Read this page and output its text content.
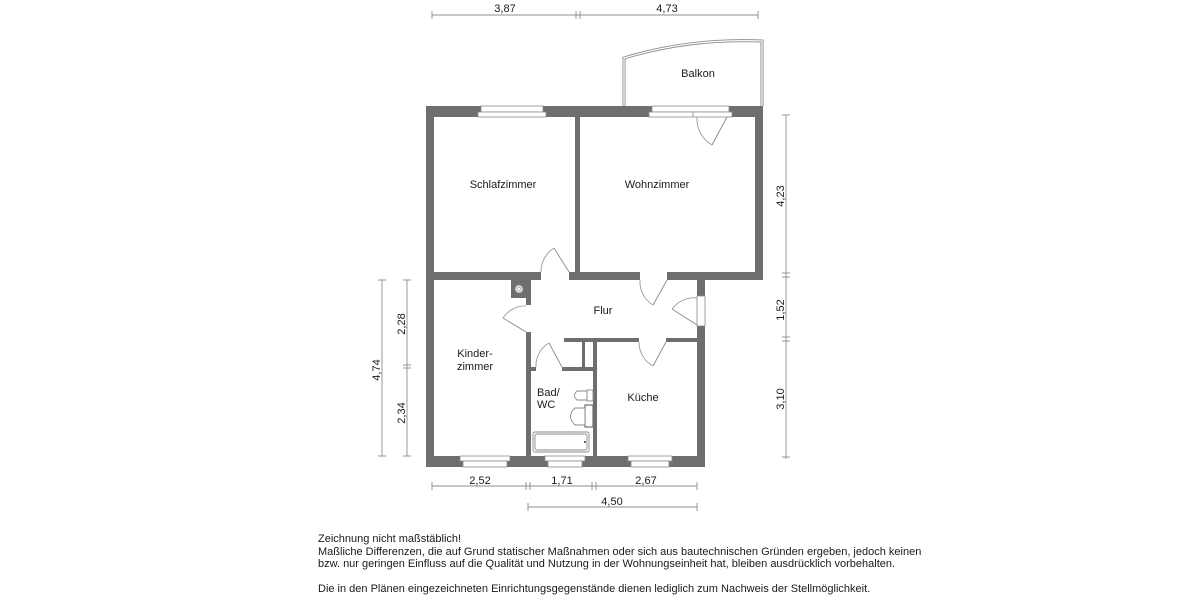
3,87	4,73
Balkon
Schlafzimmer	Wohnzimmer
Flur
Kinder-
zimmer
Bad/
WC
Küche
4,23
1,52
3,10
4,74
2,28
2,34
2,52	1,71	2,67
4,50

Zeichnung nicht maßstäblich!

Maßliche Differenzen, die auf Grund statischer Maßnahmen oder sich aus bautechnischen Gründen ergeben, jedoch keinen

bzw. nur geringen Einfluss auf die Qualität und Nutzung in der Wohnungseinheit hat, bleiben ausdrücklich vorbehalten.

Die in den Plänen eingezeichneten Einrichtungsgegenstände dienen lediglich zum Nachweis der Stellmöglichkeit.
